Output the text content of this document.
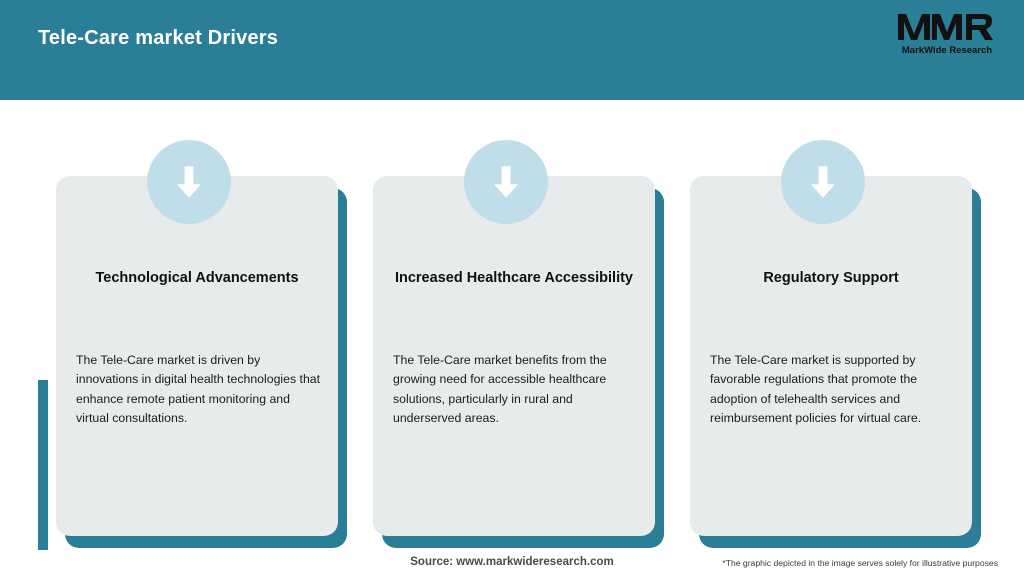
Tele-Care market Drivers
MarkWide Research
Inspiring Growth
Technological Advancements
The Tele-Care market is driven by innovations in digital health technologies that enhance remote patient monitoring and virtual consultations.
Increased Healthcare Accessibility
The Tele-Care market benefits from the growing need for accessible healthcare solutions, particularly in rural and underserved areas.
Regulatory Support
The Tele-Care market is supported by favorable regulations that promote the adoption of telehealth services and reimbursement policies for virtual care.
Source: www.markwideresearch.com	*The graphic depicted in the image serves solely for illustrative purposes
